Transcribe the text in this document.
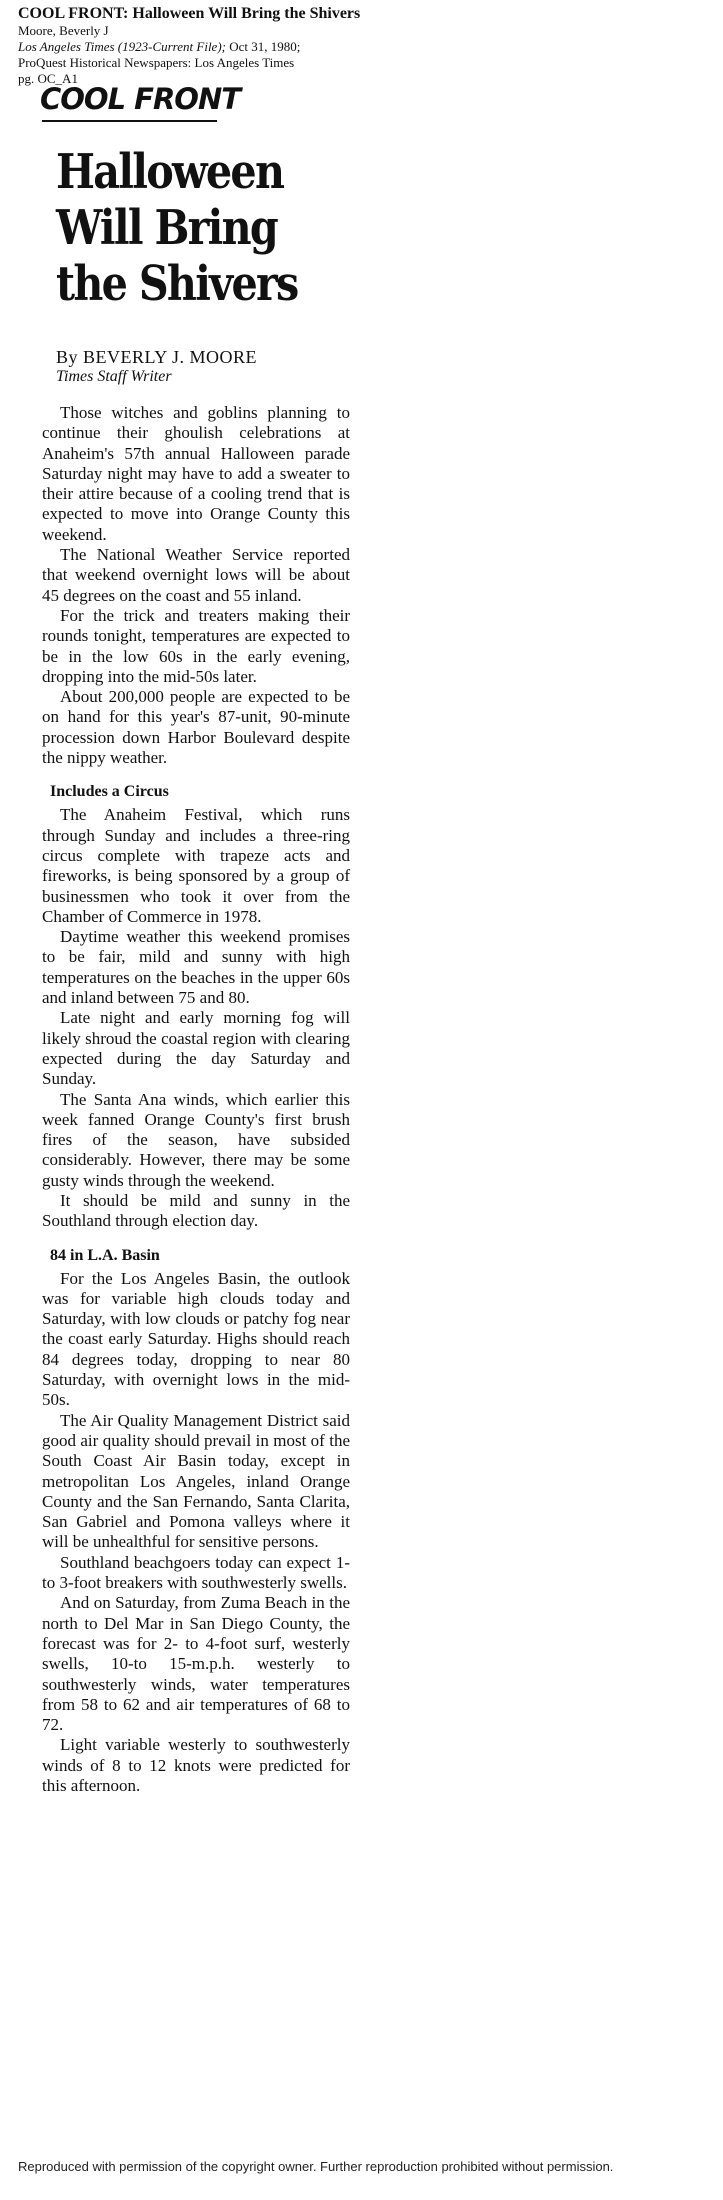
COOL FRONT: Halloween Will Bring the Shivers
Moore, Beverly J
Los Angeles Times (1923-Current File); Oct 31, 1980;
ProQuest Historical Newspapers: Los Angeles Times
pg. OC_A1
COOL FRONT
Halloween
Will Bring
the Shivers
By BEVERLY J. MOORE
Times Staff Writer

Those witches and goblins planning to continue their ghoulish celebrations at Anaheim's 57th annual Halloween parade Saturday night may have to add a sweater to their attire because of a cooling trend that is expected to move into Orange County this weekend.

The National Weather Service reported that weekend overnight lows will be about 45 degrees on the coast and 55 inland.

For the trick and treaters making their rounds tonight, temperatures are expected to be in the low 60s in the early evening, dropping into the mid-50s later.

About 200,000 people are expected to be on hand for this year's 87-unit, 90-minute procession down Harbor Boulevard despite the nippy weather.

Includes a Circus

The Anaheim Festival, which runs through Sunday and includes a three-ring circus complete with trapeze acts and fireworks, is being sponsored by a group of businessmen who took it over from the Chamber of Commerce in 1978.

Daytime weather this weekend promises to be fair, mild and sunny with high temperatures on the beaches in the upper 60s and inland between 75 and 80.

Late night and early morning fog will likely shroud the coastal region with clearing expected during the day Saturday and Sunday.

The Santa Ana winds, which earlier this week fanned Orange County's first brush fires of the season, have subsided considerably. However, there may be some gusty winds through the weekend.

It should be mild and sunny in the Southland through election day.

84 in L.A. Basin

For the Los Angeles Basin, the outlook was for variable high clouds today and Saturday, with low clouds or patchy fog near the coast early Saturday. Highs should reach 84 degrees today, dropping to near 80 Saturday, with overnight lows in the mid-50s.

The Air Quality Management District said good air quality should prevail in most of the South Coast Air Basin today, except in metropolitan Los Angeles, inland Orange County and the San Fernando, Santa Clarita, San Gabriel and Pomona valleys where it will be unhealthful for sensitive persons.

Southland beachgoers today can expect 1- to 3-foot breakers with southwesterly swells.

And on Saturday, from Zuma Beach in the north to Del Mar in San Diego County, the forecast was for 2- to 4-foot surf, westerly swells, 10-to 15-m.p.h. westerly to southwesterly winds, water temperatures from 58 to 62 and air temperatures of 68 to 72.

Light variable westerly to southwesterly winds of 8 to 12 knots were predicted for this afternoon.

Reproduced with permission of the copyright owner. Further reproduction prohibited without permission.
